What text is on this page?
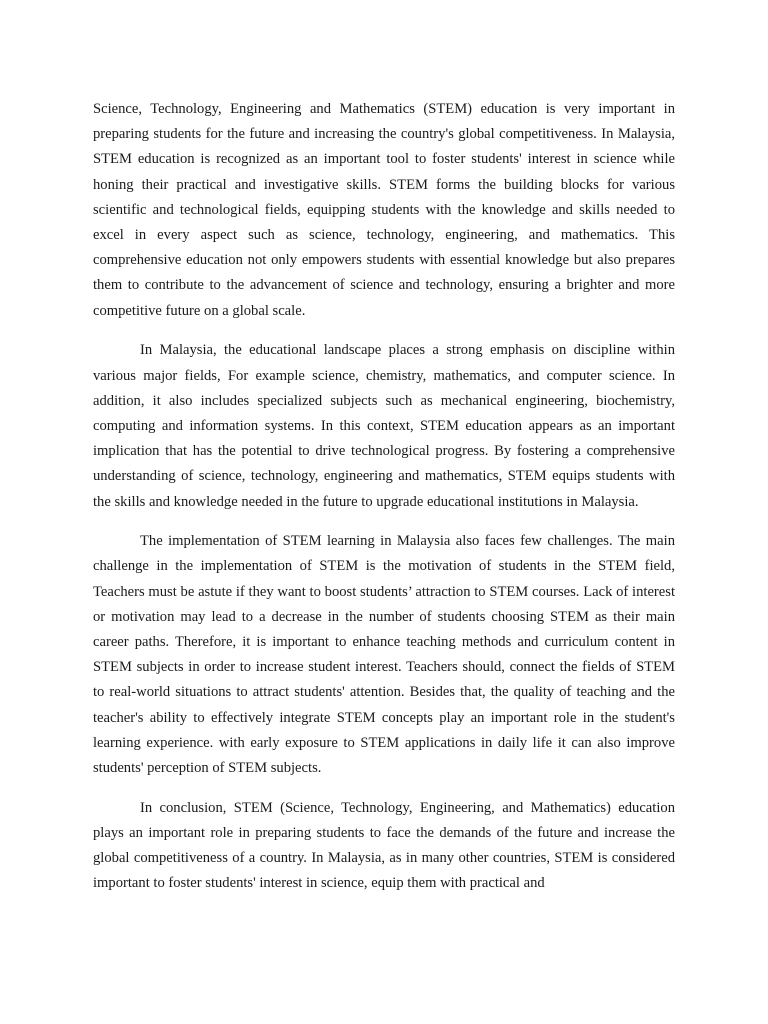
Science, Technology, Engineering and Mathematics (STEM) education is very important in preparing students for the future and increasing the country's global competitiveness. In Malaysia, STEM education is recognized as an important tool to foster students' interest in science while honing their practical and investigative skills. STEM forms the building blocks for various scientific and technological fields, equipping students with the knowledge and skills needed to excel in every aspect such as science, technology, engineering, and mathematics. This comprehensive education not only empowers students with essential knowledge but also prepares them to contribute to the advancement of science and technology, ensuring a brighter and more competitive future on a global scale.

In Malaysia, the educational landscape places a strong emphasis on discipline within various major fields, For example science, chemistry, mathematics, and computer science. In addition, it also includes specialized subjects such as mechanical engineering, biochemistry, computing and information systems. In this context, STEM education appears as an important implication that has the potential to drive technological progress. By fostering a comprehensive understanding of science, technology, engineering and mathematics, STEM equips students with the skills and knowledge needed in the future to upgrade educational institutions in Malaysia.

The implementation of STEM learning in Malaysia also faces few challenges. The main challenge in the implementation of STEM is the motivation of students in the STEM field, Teachers must be astute if they want to boost students’ attraction to STEM courses. Lack of interest or motivation may lead to a decrease in the number of students choosing STEM as their main career paths. Therefore, it is important to enhance teaching methods and curriculum content in STEM subjects in order to increase student interest. Teachers should, connect the fields of STEM to real-world situations to attract students' attention. Besides that, the quality of teaching and the teacher's ability to effectively integrate STEM concepts play an important role in the student's learning experience. with early exposure to STEM applications in daily life it can also improve students' perception of STEM subjects.

In conclusion, STEM (Science, Technology, Engineering, and Mathematics) education plays an important role in preparing students to face the demands of the future and increase the global competitiveness of a country. In Malaysia, as in many other countries, STEM is considered important to foster students' interest in science, equip them with practical and
